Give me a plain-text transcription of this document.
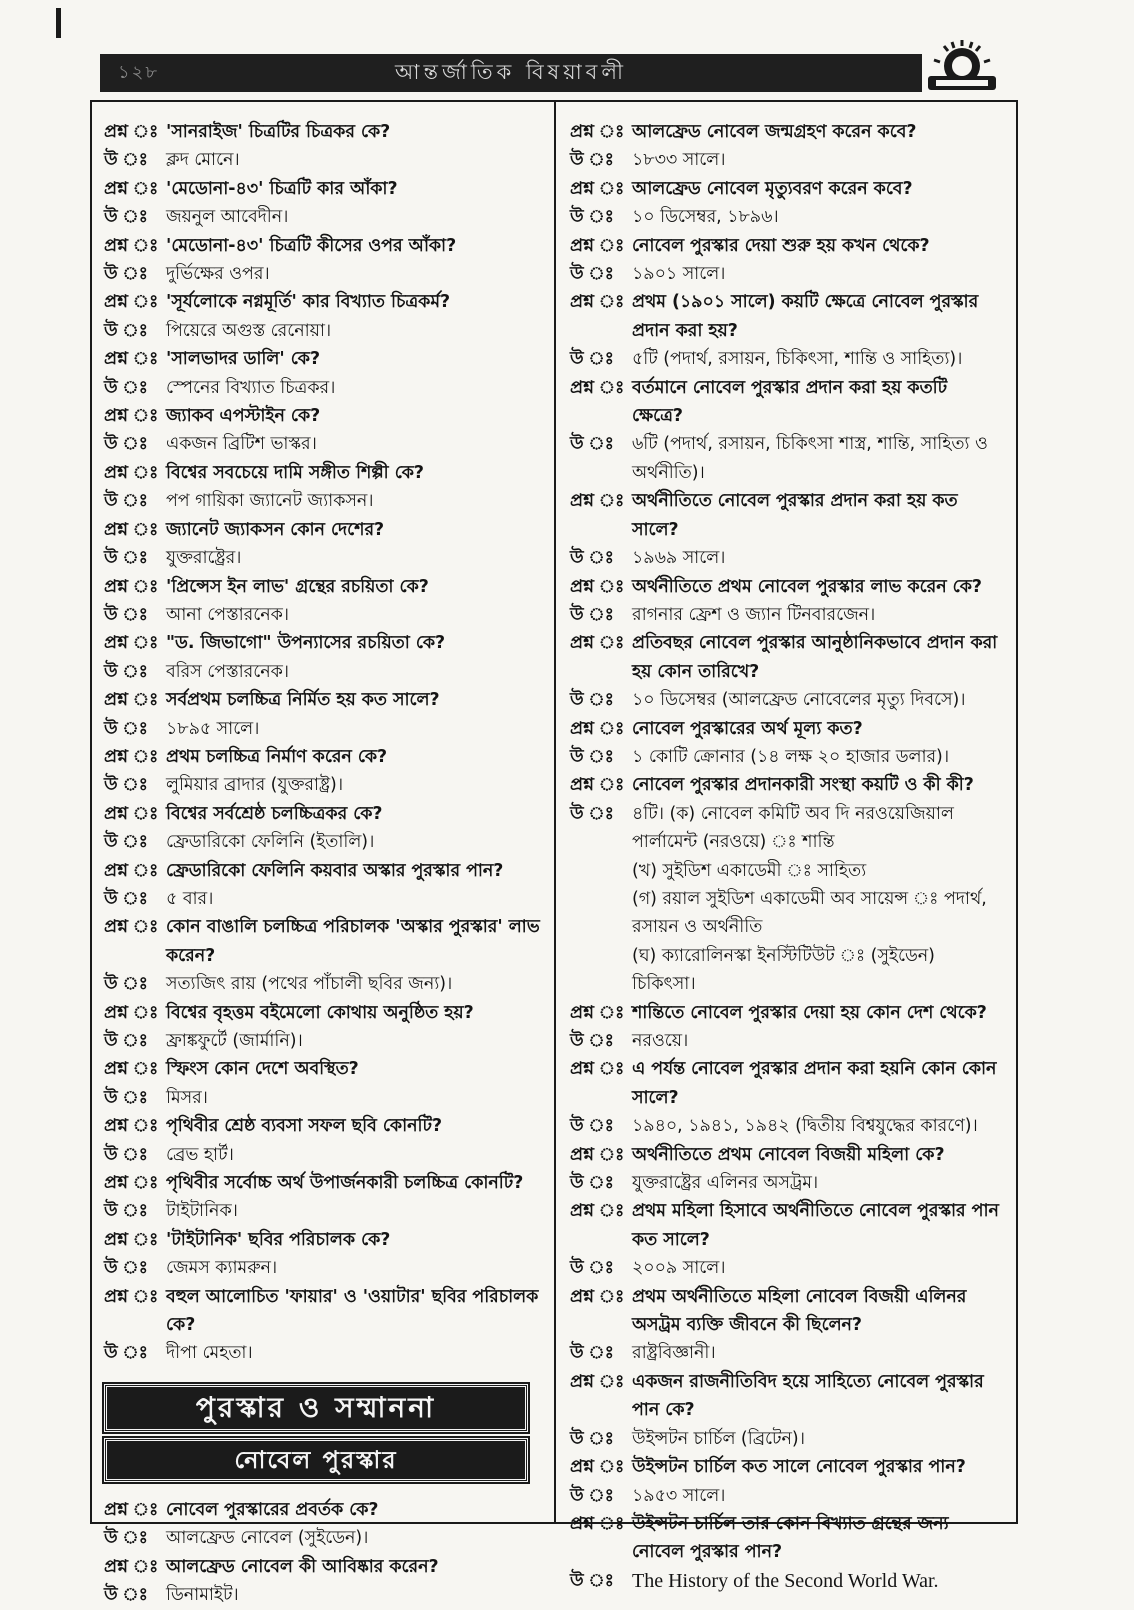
১২৮	আন্তর্জাতিক বিষয়াবলী
প্রশ্ন ঃ 'সানরাইজ' চিত্রটির চিত্রকর কে?
উ ঃ	ক্লদ মোনে।
প্রশ্ন ঃ 'মেডোনা-৪৩' চিত্রটি কার আঁকা?
উ ঃ	জয়নুল আবেদীন।
প্রশ্ন ঃ 'মেডোনা-৪৩' চিত্রটি কীসের ওপর আঁকা?
উ ঃ	দুর্ভিক্ষের ওপর।
প্রশ্ন ঃ 'সূর্যলোকে নগ্নমূর্তি' কার বিখ্যাত চিত্রকর্ম?
উ ঃ	পিয়েরে অগুস্ত রেনোয়া।
প্রশ্ন ঃ 'সালভাদর ডালি' কে?
উ ঃ	স্পেনের বিখ্যাত চিত্রকর।
প্রশ্ন ঃ জ্যাকব এপস্টাইন কে?
উ ঃ	একজন ব্রিটিশ ভাস্কর।
প্রশ্ন ঃ বিশ্বের সবচেয়ে দামি সঙ্গীত শিল্পী কে?
উ ঃ	পপ গায়িকা জ্যানেট জ্যাকসন।
প্রশ্ন ঃ জ্যানেট জ্যাকসন কোন দেশের?
উ ঃ	যুক্তরাষ্ট্রের।
প্রশ্ন ঃ 'প্রিন্সেস ইন লাভ' গ্রন্থের রচয়িতা কে?
উ ঃ	আনা পেস্তারনেক।
প্রশ্ন ঃ "ড. জিভাগো" উপন্যাসের রচয়িতা কে?
উ ঃ	বরিস পেস্তারনেক।
প্রশ্ন ঃ সর্বপ্রথম চলচ্চিত্র নির্মিত হয় কত সালে?
উ ঃ	১৮৯৫ সালে।
প্রশ্ন ঃ প্রথম চলচ্চিত্র নির্মাণ করেন কে?
উ ঃ	লুমিয়ার ব্রাদার (যুক্তরাষ্ট্র)।
প্রশ্ন ঃ বিশ্বের সর্বশ্রেষ্ঠ চলচ্চিত্রকর কে?
উ ঃ	ফ্রেডারিকো ফেলিনি (ইতালি)।
প্রশ্ন ঃ ফ্রেডারিকো ফেলিনি কয়বার অস্কার পুরস্কার পান?
উ ঃ	৫ বার।
প্রশ্ন ঃ কোন বাঙালি চলচ্চিত্র পরিচালক 'অস্কার পুরস্কার' লাভ করেন?
উ ঃ	সত্যজিৎ রায় (পথের পাঁচালী ছবির জন্য)।
প্রশ্ন ঃ বিশ্বের বৃহত্তম বইমেলো কোথায় অনুষ্ঠিত হয়?
উ ঃ	ফ্রাঙ্কফুর্টে (জার্মানি)।
প্রশ্ন ঃ স্ফিংস কোন দেশে অবস্থিত?
উ ঃ	মিসর।
প্রশ্ন ঃ পৃথিবীর শ্রেষ্ঠ ব্যবসা সফল ছবি কোনটি?
উ ঃ	ব্রেভ হার্ট।
প্রশ্ন ঃ পৃথিবীর সর্বোচ্চ অর্থ উপার্জনকারী চলচ্চিত্র কোনটি?
উ ঃ	টাইটানিক।
প্রশ্ন ঃ 'টাইটানিক' ছবির পরিচালক কে?
উ ঃ	জেমস ক্যামরুন।
প্রশ্ন ঃ বহুল আলোচিত 'ফায়ার' ও 'ওয়াটার' ছবির পরিচালক কে?
উ ঃ	দীপা মেহতা।
পুরস্কার ও সম্মাননা
নোবেল পুরস্কার
প্রশ্ন ঃ নোবেল পুরস্কারের প্রবর্তক কে?
উ ঃ	আলফ্রেড নোবেল (সুইডেন)।
প্রশ্ন ঃ আলফ্রেড নোবেল কী আবিষ্কার করেন?
উ ঃ	ডিনামাইট।
প্রশ্ন ঃ আলফ্রেড নোবেল জন্মগ্রহণ করেন কবে?
উ ঃ	১৮৩৩ সালে।
প্রশ্ন ঃ আলফ্রেড নোবেল মৃত্যুবরণ করেন কবে?
উ ঃ	১০ ডিসেম্বর, ১৮৯৬।
প্রশ্ন ঃ নোবেল পুরস্কার দেয়া শুরু হয় কখন থেকে?
উ ঃ	১৯০১ সালে।
প্রশ্ন ঃ প্রথম (১৯০১ সালে) কয়টি ক্ষেত্রে নোবেল পুরস্কার প্রদান করা হয়?
উ ঃ	৫টি (পদার্থ, রসায়ন, চিকিৎসা, শান্তি ও সাহিত্য)।
প্রশ্ন ঃ বর্তমানে নোবেল পুরস্কার প্রদান করা হয় কতটি ক্ষেত্রে?
উ ঃ	৬টি (পদার্থ, রসায়ন, চিকিৎসা শাস্ত্র, শান্তি, সাহিত্য ও অর্থনীতি)।
প্রশ্ন ঃ অর্থনীতিতে নোবেল পুরস্কার প্রদান করা হয় কত সালে?
উ ঃ	১৯৬৯ সালে।
প্রশ্ন ঃ অর্থনীতিতে প্রথম নোবেল পুরস্কার লাভ করেন কে?
উ ঃ	রাগনার ফ্রেশ ও জ্যান টিনবারজেন।
প্রশ্ন ঃ প্রতিবছর নোবেল পুরস্কার আনুষ্ঠানিকভাবে প্রদান করা হয় কোন তারিখে?
উ ঃ	১০ ডিসেম্বর (আলফ্রেড নোবেলের মৃত্যু দিবসে)।
প্রশ্ন ঃ নোবেল পুরস্কারের অর্থ মূল্য কত?
উ ঃ	১ কোটি ক্রোনার (১৪ লক্ষ ২০ হাজার ডলার)।
প্রশ্ন ঃ নোবেল পুরস্কার প্রদানকারী সংস্থা কয়টি ও কী কী?
উ ঃ	৪টি। (ক) নোবেল কমিটি অব দি নরওয়েজিয়াল পার্লামেন্ট (নরওয়ে) ঃ শান্তি
(খ) সুইডিশ একাডেমী ঃ সাহিত্য
(গ) রয়াল সুইডিশ একাডেমী অব সায়েন্স ঃ পদার্থ, রসায়ন ও অর্থনীতি
(ঘ) ক্যারোলিনস্কা ইনস্টিটিউট ঃ (সুইডেন) চিকিৎসা।
প্রশ্ন ঃ শান্তিতে নোবেল পুরস্কার দেয়া হয় কোন দেশ থেকে?
উ ঃ	নরওয়ে।
প্রশ্ন ঃ এ পর্যন্ত নোবেল পুরস্কার প্রদান করা হয়নি কোন কোন সালে?
উ ঃ	১৯৪০, ১৯৪১, ১৯৪২ (দ্বিতীয় বিশ্বযুদ্ধের কারণে)।
প্রশ্ন ঃ অর্থনীতিতে প্রথম নোবেল বিজয়ী মহিলা কে?
উ ঃ	যুক্তরাষ্ট্রের এলিনর অসট্রম।
প্রশ্ন ঃ প্রথম মহিলা হিসাবে অর্থনীতিতে নোবেল পুরস্কার পান কত সালে?
উ ঃ	২০০৯ সালে।
প্রশ্ন ঃ প্রথম অর্থনীতিতে মহিলা নোবেল বিজয়ী এলিনর অসট্রম ব্যক্তি জীবনে কী ছিলেন?
উ ঃ	রাষ্ট্রবিজ্ঞানী।
প্রশ্ন ঃ একজন রাজনীতিবিদ হয়ে সাহিত্যে নোবেল পুরস্কার পান কে?
উ ঃ	উইন্সটন চার্চিল (ব্রিটেন)।
প্রশ্ন ঃ উইন্সটন চার্চিল কত সালে নোবেল পুরস্কার পান?
উ ঃ	১৯৫৩ সালে।
প্রশ্ন ঃ উইন্সটন চার্চিল তার কোন বিখ্যাত গ্রন্থের জন্য নোবেল পুরস্কার পান?
উ ঃ The History of the Second World War.
